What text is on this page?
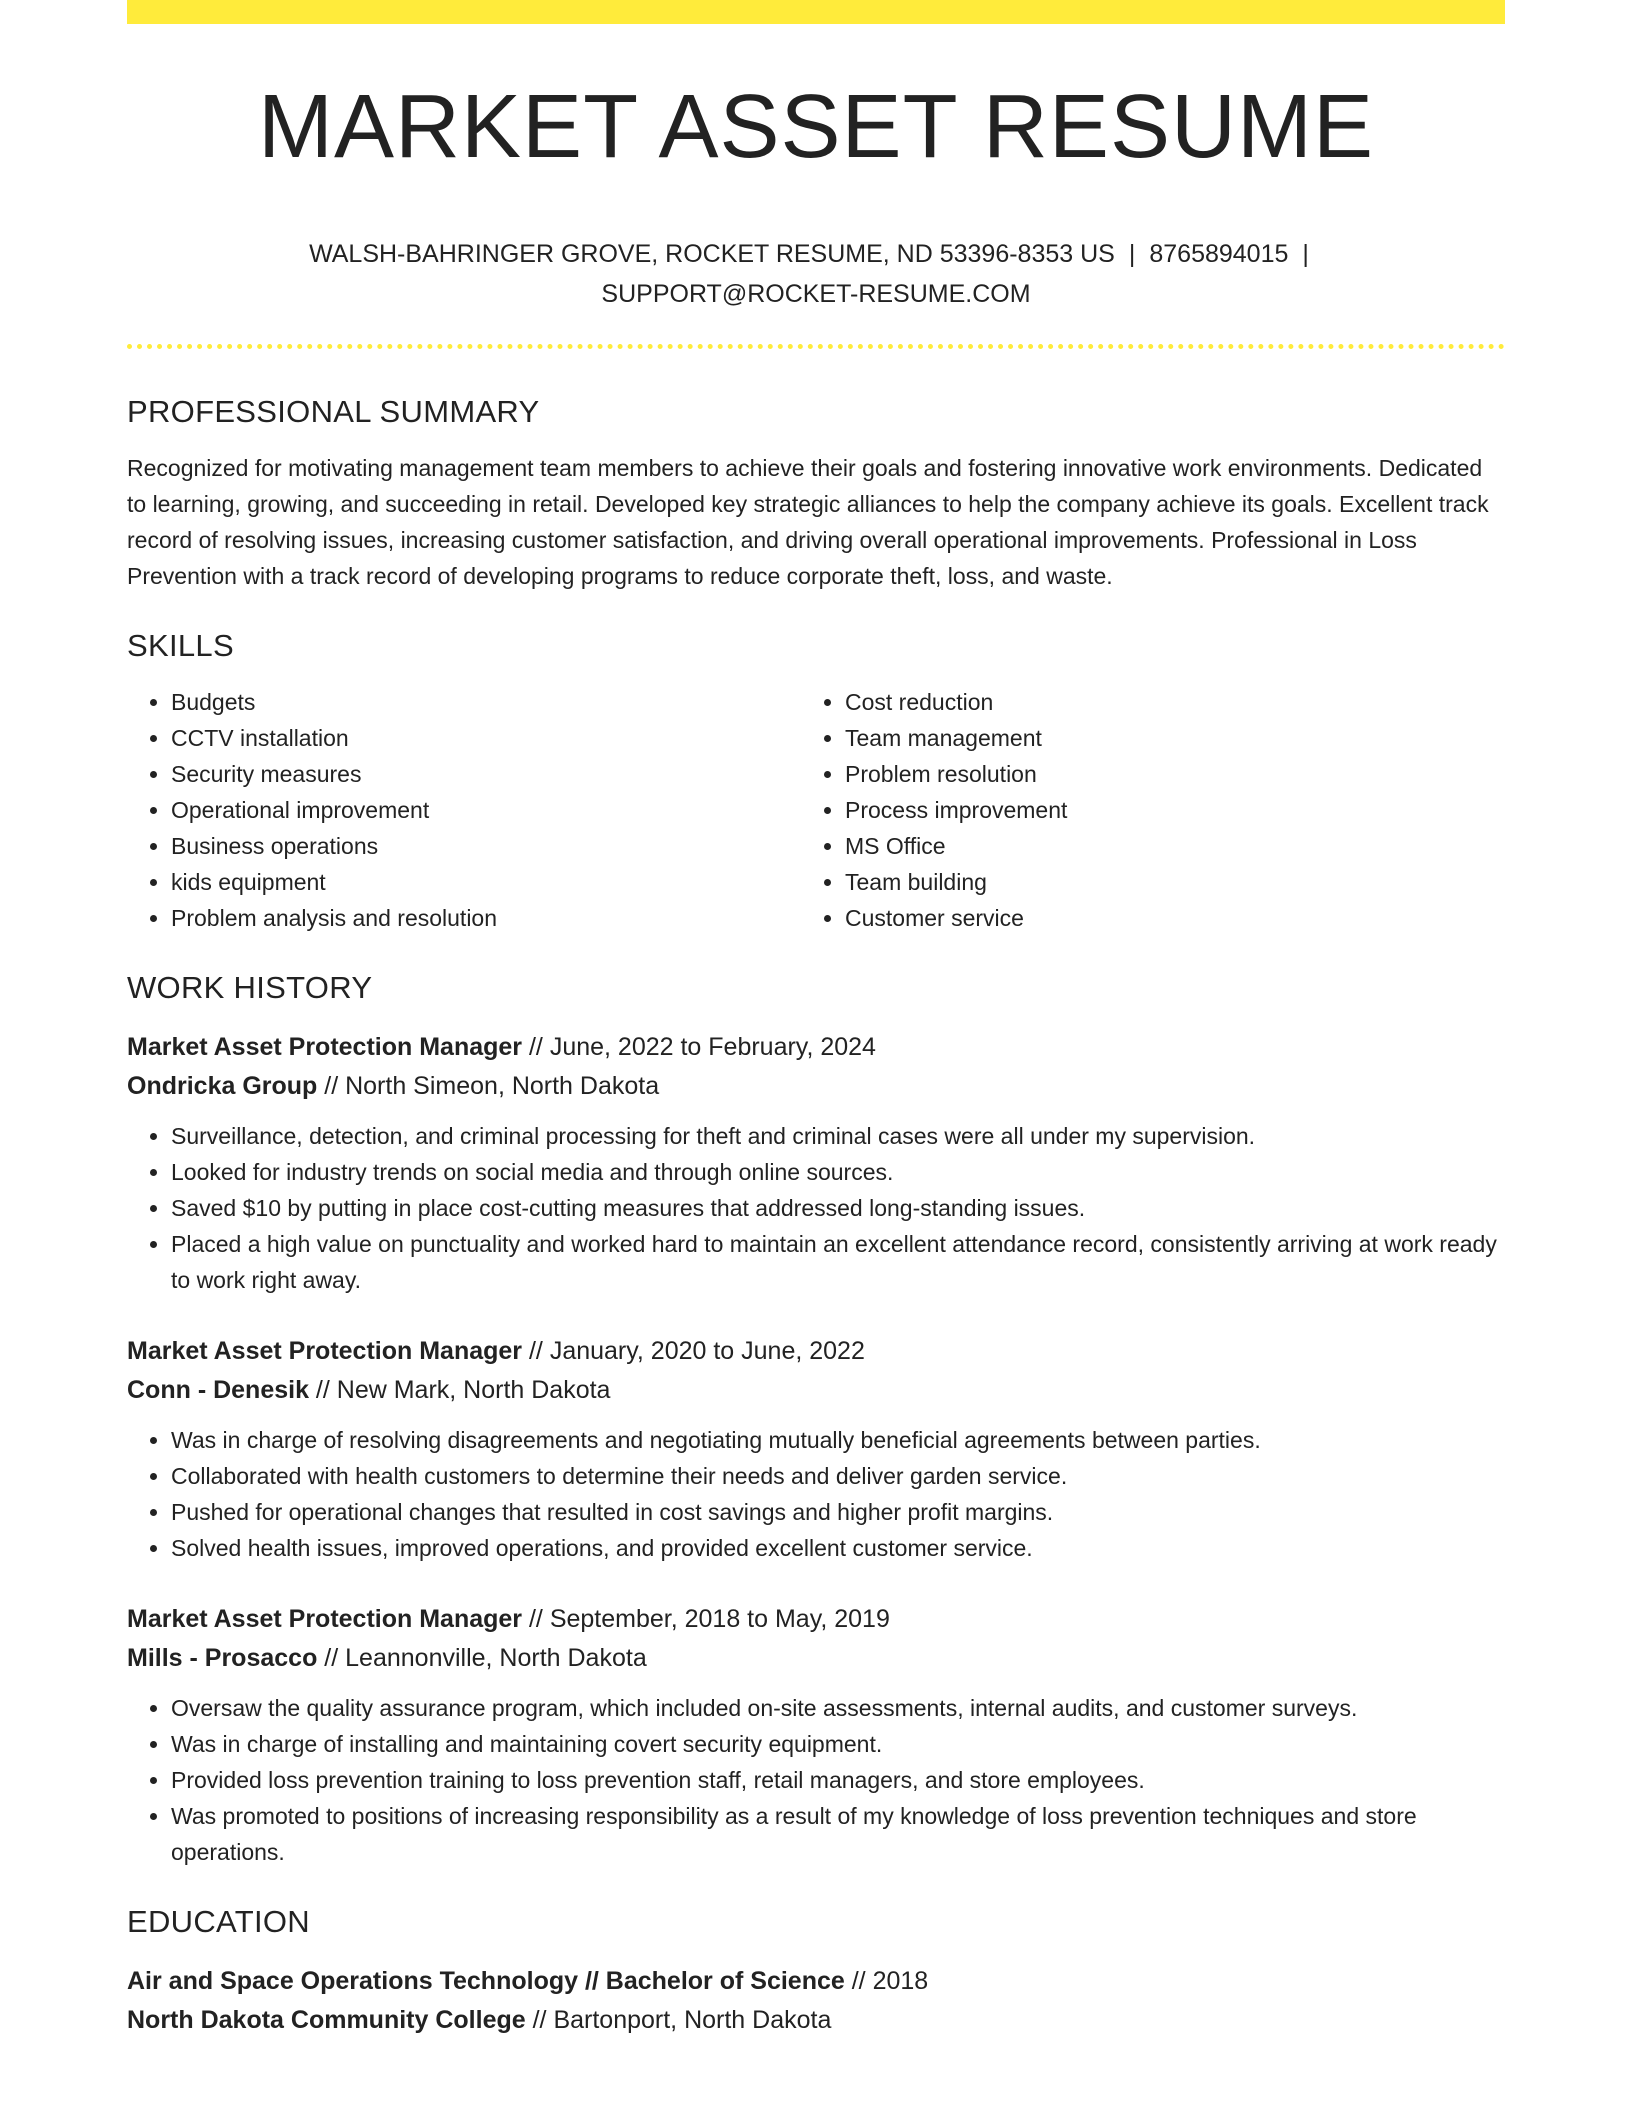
MARKET ASSET RESUME
WALSH-BAHRINGER GROVE, ROCKET RESUME, ND 53396-8353 US | 8765894015 |
SUPPORT@ROCKET-RESUME.COM
PROFESSIONAL SUMMARY

Recognized for motivating management team members to achieve their goals and fostering innovative work environments. Dedicated to learning, growing, and succeeding in retail. Developed key strategic alliances to help the company achieve its goals. Excellent track record of resolving issues, increasing customer satisfaction, and driving overall operational improvements. Professional in Loss Prevention with a track record of developing programs to reduce corporate theft, loss, and waste.

SKILLS
• Budgets
• CCTV installation
• Security measures
• Operational improvement
• Business operations
• kids equipment
• Problem analysis and resolution
• Cost reduction
• Team management
• Problem resolution
• Process improvement
• MS Office
• Team building
• Customer service
WORK HISTORY
Market Asset Protection Manager // June, 2022 to February, 2024
Ondricka Group // North Simeon, North Dakota
• Surveillance, detection, and criminal processing for theft and criminal cases were all under my supervision.
• Looked for industry trends on social media and through online sources.
• Saved $10 by putting in place cost-cutting measures that addressed long-standing issues.
• Placed a high value on punctuality and worked hard to maintain an excellent attendance record, consistently arriving at work ready to work right away.
Market Asset Protection Manager // January, 2020 to June, 2022
Conn - Denesik // New Mark, North Dakota
• Was in charge of resolving disagreements and negotiating mutually beneficial agreements between parties.
• Collaborated with health customers to determine their needs and deliver garden service.
• Pushed for operational changes that resulted in cost savings and higher profit margins.
• Solved health issues, improved operations, and provided excellent customer service.
Market Asset Protection Manager // September, 2018 to May, 2019
Mills - Prosacco // Leannonville, North Dakota
• Oversaw the quality assurance program, which included on-site assessments, internal audits, and customer surveys.
• Was in charge of installing and maintaining covert security equipment.
• Provided loss prevention training to loss prevention staff, retail managers, and store employees.
• Was promoted to positions of increasing responsibility as a result of my knowledge of loss prevention techniques and store operations.
EDUCATION
Air and Space Operations Technology // Bachelor of Science // 2018
North Dakota Community College // Bartonport, North Dakota
